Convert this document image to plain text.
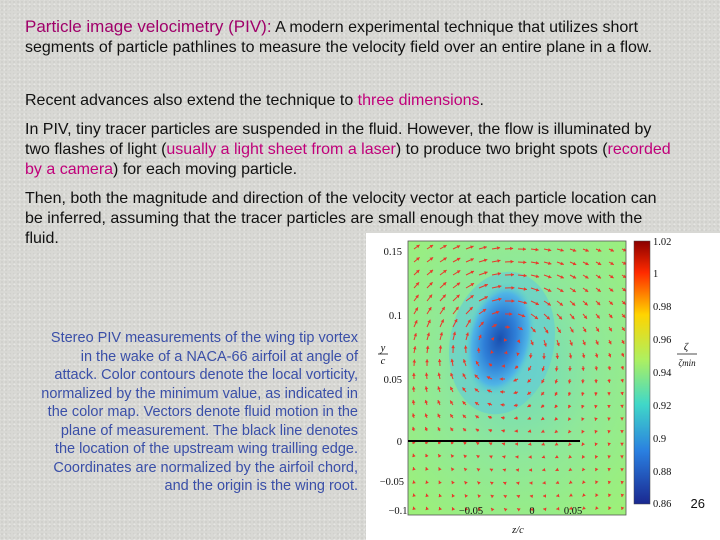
Particle image velocimetry (PIV): A modern experimental technique that utilizes short segments of particle pathlines to measure the velocity field over an entire plane in a flow.

Recent advances also extend the technique to three dimensions.

In PIV, tiny tracer particles are suspended in the fluid. However, the flow is illuminated by two flashes of light (usually a light sheet from a laser) to produce two bright spots (recorded by a camera) for each moving particle.

Then, both the magnitude and direction of the velocity vector at each particle location can be inferred, assuming that the tracer particles are small enough that they move with the fluid.

Stereo PIV measurements of the wing tip vortex in the wake of a NACA-66 airfoil at angle of attack. Color contours denote the local vorticity, normalized by the minimum value, as indicated in the color map. Vectors denote fluid motion in the plane of measurement. The black line denotes the location of the upstream wing trailling edge. Coordinates are normalized by the airfoil chord, and the origin is the wing root.

0.15
0.1
0.05
0
−0.05
−0.1	−0.05	0	0.05
z/c
y
c
1.02
1
0.98
0.96
0.94
0.92
0.9
0.88
0.86
ζ
ζmin
26
